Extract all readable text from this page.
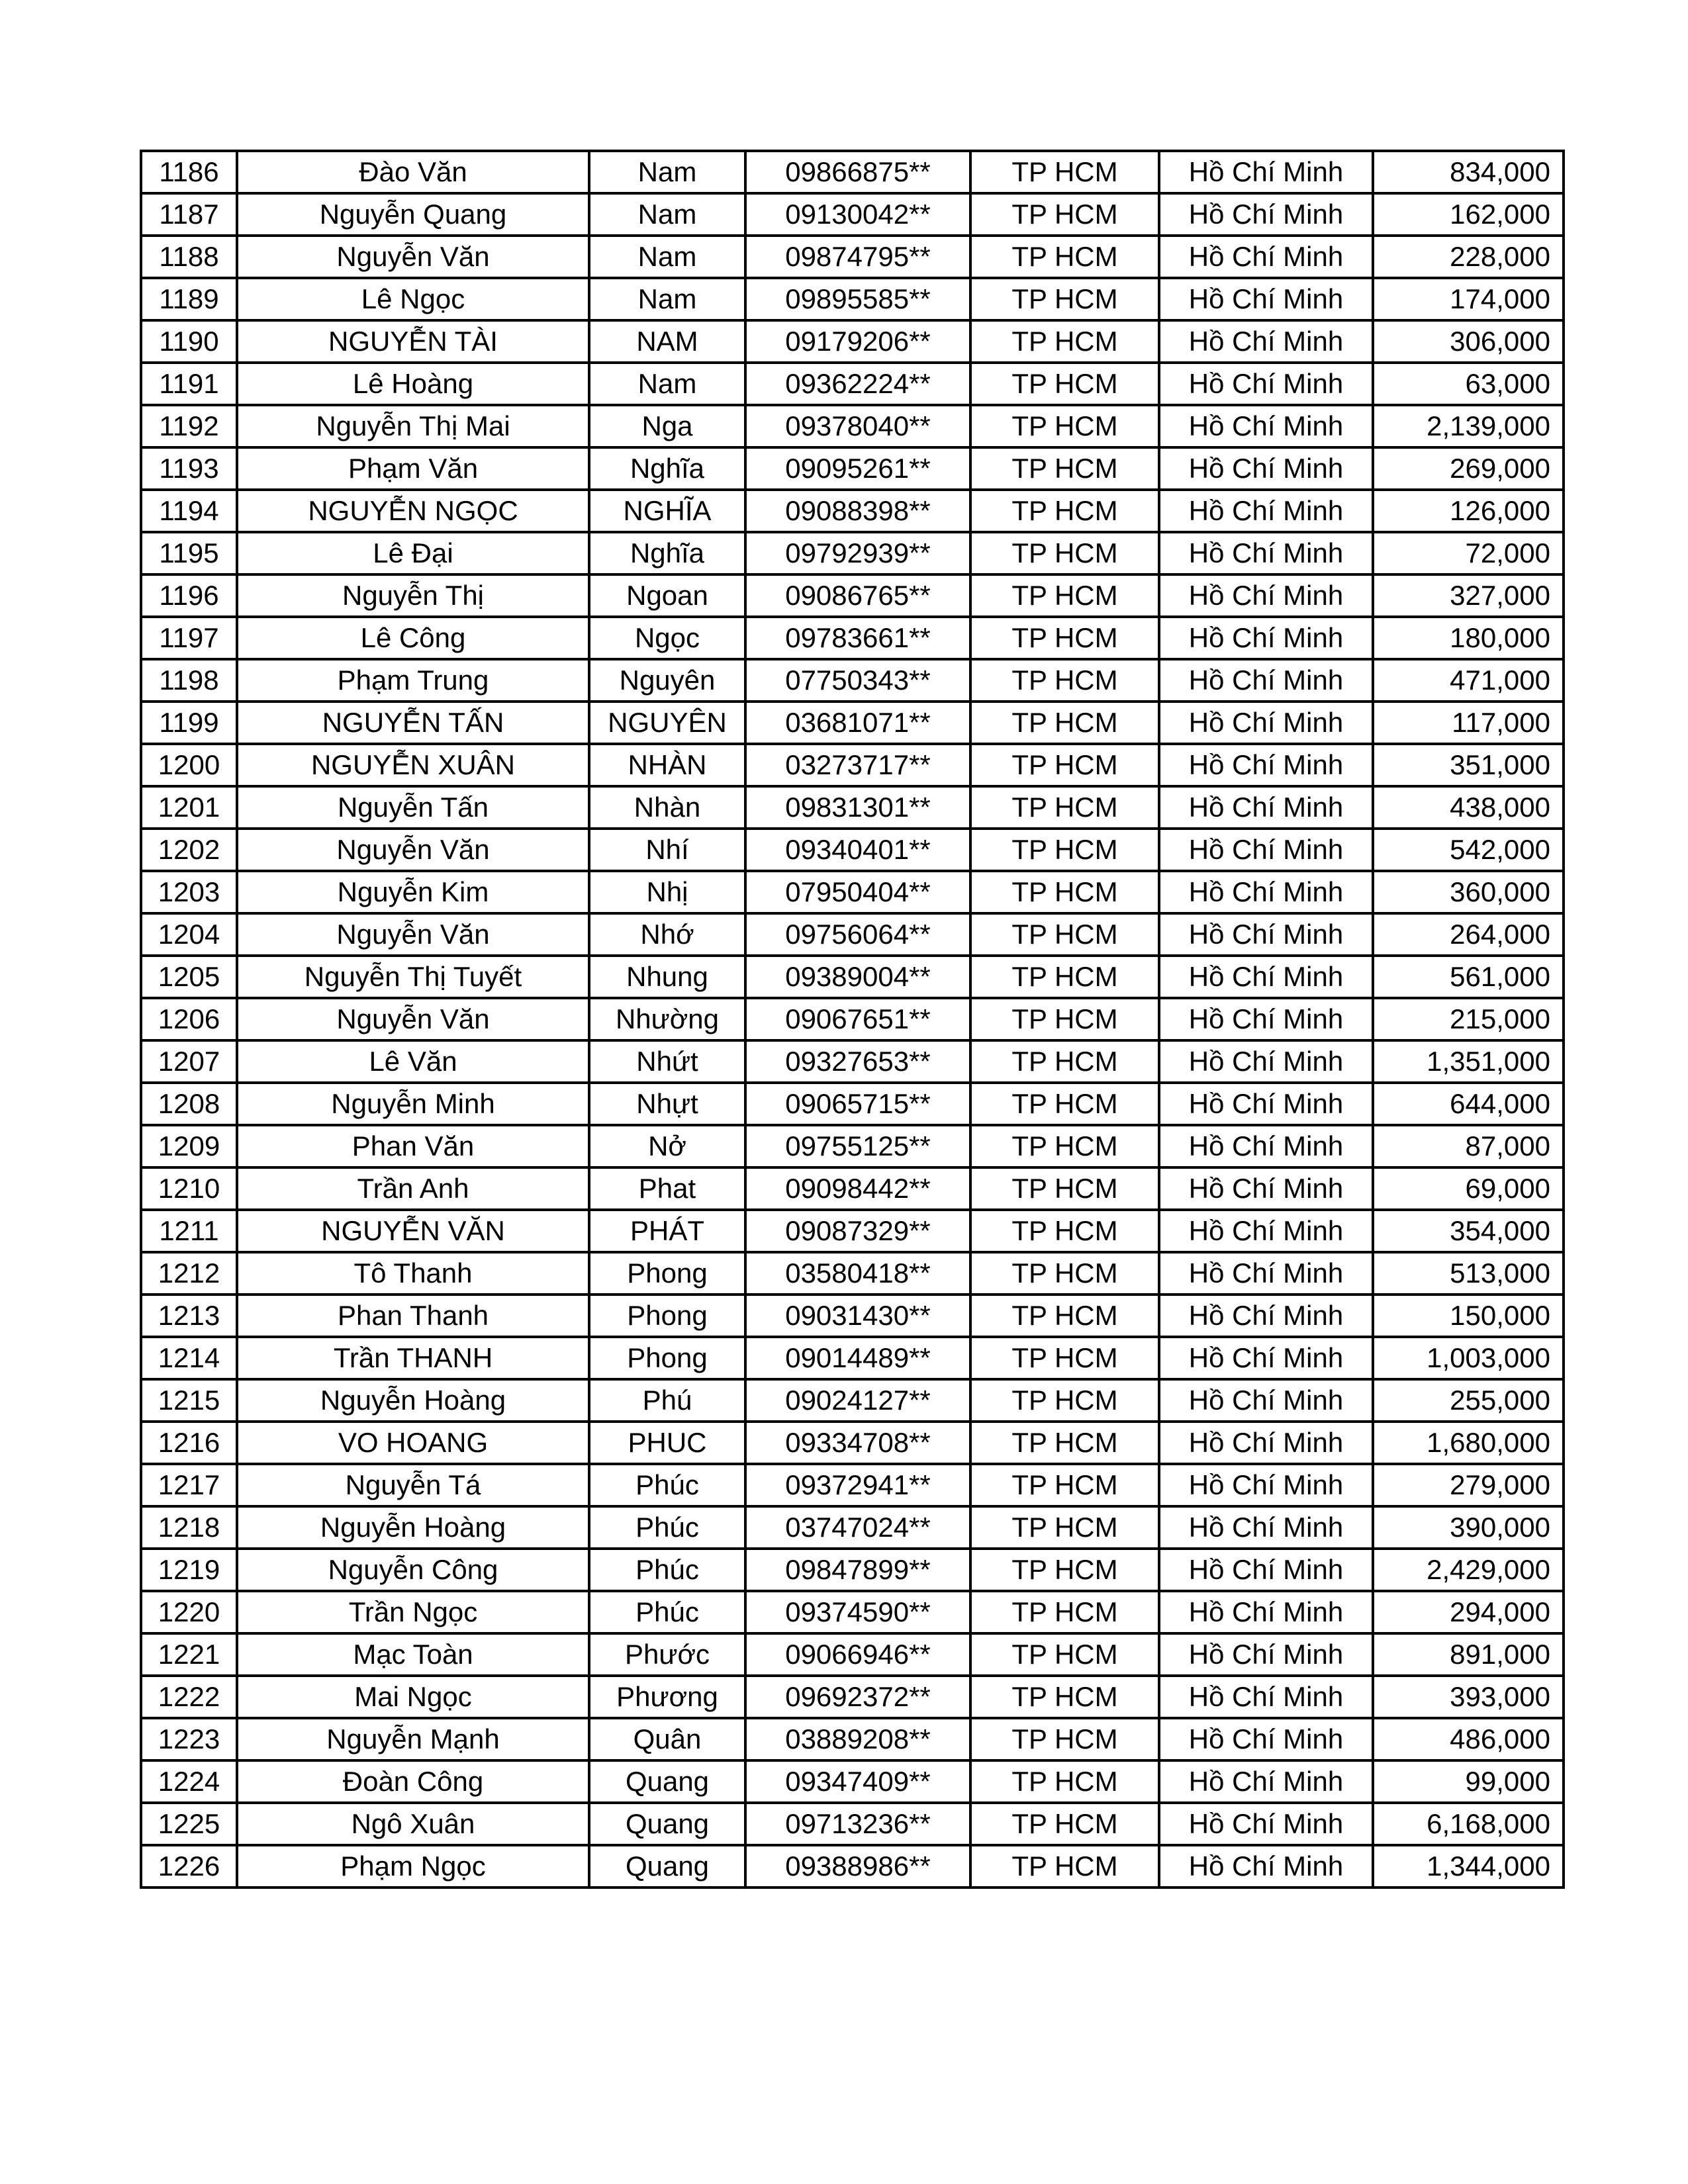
1186	Đào Văn	Nam	09866875**	TP HCM	Hồ Chí Minh	834,000
1187	Nguyễn Quang	Nam	09130042**	TP HCM	Hồ Chí Minh	162,000
1188	Nguyễn Văn	Nam	09874795**	TP HCM	Hồ Chí Minh	228,000
1189	Lê Ngọc	Nam	09895585**	TP HCM	Hồ Chí Minh	174,000
1190	NGUYỄN TÀI	NAM	09179206**	TP HCM	Hồ Chí Minh	306,000
1191	Lê Hoàng	Nam	09362224**	TP HCM	Hồ Chí Minh	63,000
1192	Nguyễn Thị Mai	Nga	09378040**	TP HCM	Hồ Chí Minh	2,139,000
1193	Phạm Văn	Nghĩa	09095261**	TP HCM	Hồ Chí Minh	269,000
1194	NGUYỄN NGỌC	NGHĨA	09088398**	TP HCM	Hồ Chí Minh	126,000
1195	Lê Đại	Nghĩa	09792939**	TP HCM	Hồ Chí Minh	72,000
1196	Nguyễn Thị	Ngoan	09086765**	TP HCM	Hồ Chí Minh	327,000
1197	Lê Công	Ngọc	09783661**	TP HCM	Hồ Chí Minh	180,000
1198	Phạm Trung	Nguyên	07750343**	TP HCM	Hồ Chí Minh	471,000
1199	NGUYỄN TẤN	NGUYÊN	03681071**	TP HCM	Hồ Chí Minh	117,000
1200	NGUYỄN XUÂN	NHÀN	03273717**	TP HCM	Hồ Chí Minh	351,000
1201	Nguyễn Tấn	Nhàn	09831301**	TP HCM	Hồ Chí Minh	438,000
1202	Nguyễn Văn	Nhí	09340401**	TP HCM	Hồ Chí Minh	542,000
1203	Nguyễn Kim	Nhị	07950404**	TP HCM	Hồ Chí Minh	360,000
1204	Nguyễn Văn	Nhớ	09756064**	TP HCM	Hồ Chí Minh	264,000
1205	Nguyễn Thị Tuyết	Nhung	09389004**	TP HCM	Hồ Chí Minh	561,000
1206	Nguyễn Văn	Nhường	09067651**	TP HCM	Hồ Chí Minh	215,000
1207	Lê Văn	Nhứt	09327653**	TP HCM	Hồ Chí Minh	1,351,000
1208	Nguyễn Minh	Nhựt	09065715**	TP HCM	Hồ Chí Minh	644,000
1209	Phan Văn	Nở	09755125**	TP HCM	Hồ Chí Minh	87,000
1210	Trần Anh	Phat	09098442**	TP HCM	Hồ Chí Minh	69,000
1211	NGUYỄN VĂN	PHÁT	09087329**	TP HCM	Hồ Chí Minh	354,000
1212	Tô Thanh	Phong	03580418**	TP HCM	Hồ Chí Minh	513,000
1213	Phan Thanh	Phong	09031430**	TP HCM	Hồ Chí Minh	150,000
1214	Trần THANH	Phong	09014489**	TP HCM	Hồ Chí Minh	1,003,000
1215	Nguyễn Hoàng	Phú	09024127**	TP HCM	Hồ Chí Minh	255,000
1216	VO HOANG	PHUC	09334708**	TP HCM	Hồ Chí Minh	1,680,000
1217	Nguyễn Tá	Phúc	09372941**	TP HCM	Hồ Chí Minh	279,000
1218	Nguyễn Hoàng	Phúc	03747024**	TP HCM	Hồ Chí Minh	390,000
1219	Nguyễn Công	Phúc	09847899**	TP HCM	Hồ Chí Minh	2,429,000
1220	Trần Ngọc	Phúc	09374590**	TP HCM	Hồ Chí Minh	294,000
1221	Mạc Toàn	Phước	09066946**	TP HCM	Hồ Chí Minh	891,000
1222	Mai Ngọc	Phương	09692372**	TP HCM	Hồ Chí Minh	393,000
1223	Nguyễn Mạnh	Quân	03889208**	TP HCM	Hồ Chí Minh	486,000
1224	Đoàn Công	Quang	09347409**	TP HCM	Hồ Chí Minh	99,000
1225	Ngô Xuân	Quang	09713236**	TP HCM	Hồ Chí Minh	6,168,000
1226	Phạm Ngọc	Quang	09388986**	TP HCM	Hồ Chí Minh	1,344,000
